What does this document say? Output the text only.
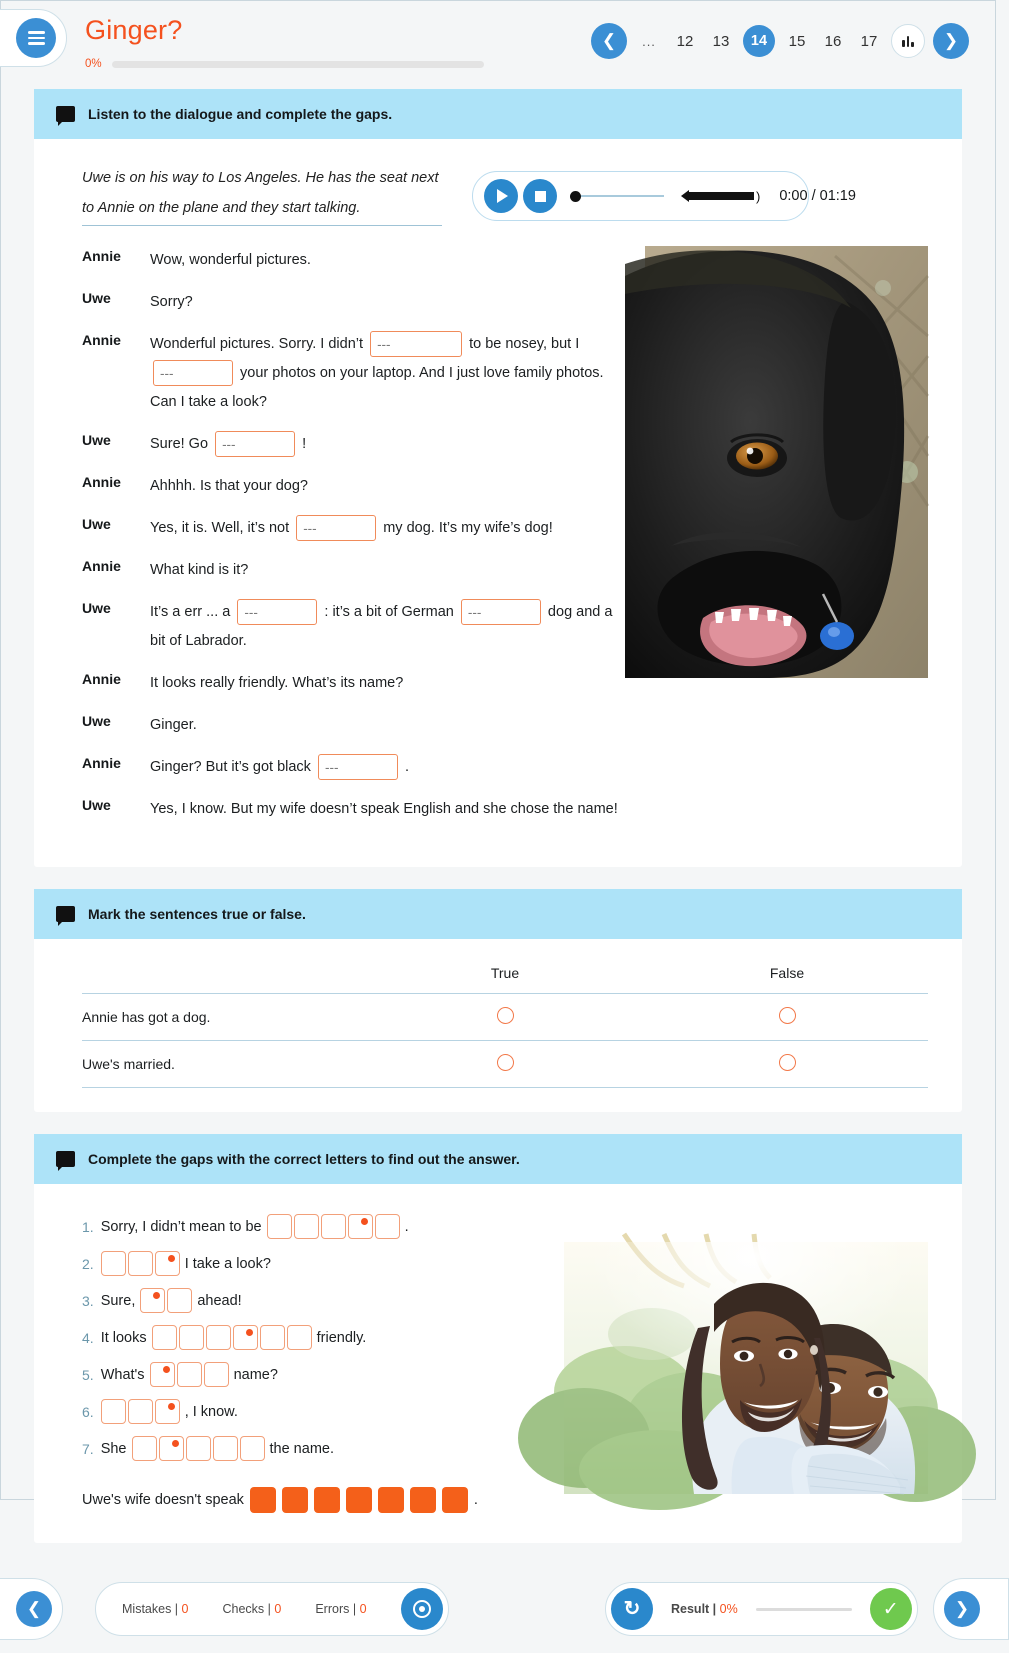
Ginger?
0%
❮	...	12	13	14	15	16	17	❯
Listen to the dialogue and complete the gaps.
Uwe is on his way to Los Angeles. He has the seat next to Annie on the plane and they start talking.
) 0:00 / 01:19
Annie	Wow, wonderful pictures.
Uwe	Sorry?
Annie	Wonderful pictures. Sorry. I didn’t ---	to be nosey, but I --- your photos on your laptop. And I just love family photos. Can I take a look?
Uwe	Sure! Go ---	!
Annie	Ahhhh. Is that your dog?
Uwe	Yes, it is. Well, it’s not ---	my dog. It’s my wife’s dog!
Annie	What kind is it?
Uwe	It’s a err ... a ---	: it’s a bit of German ---	dog and a bit of Labrador.
Annie	It looks really friendly. What’s its name?
Uwe	Ginger.
Annie	Ginger? But it’s got black ---	.
Uwe	Yes, I know. But my wife doesn’t speak English and she chose the name!
Mark the sentences true or false.
	True	False
Annie has got a dog.		
Uwe's married.		
Complete the gaps with the correct letters to find out the answer.
1. Sorry, I didn’t mean to be	.
2.	I take a look?
3. Sure,	ahead!
4. It looks	friendly.
5. What's	name?
6.	, I know.
7. She	the name.
Uwe's wife doesn't speak	.
❮	Mistakes | 0	Checks | 0	Errors | 0	↻ Result | 0%	✓	❯
